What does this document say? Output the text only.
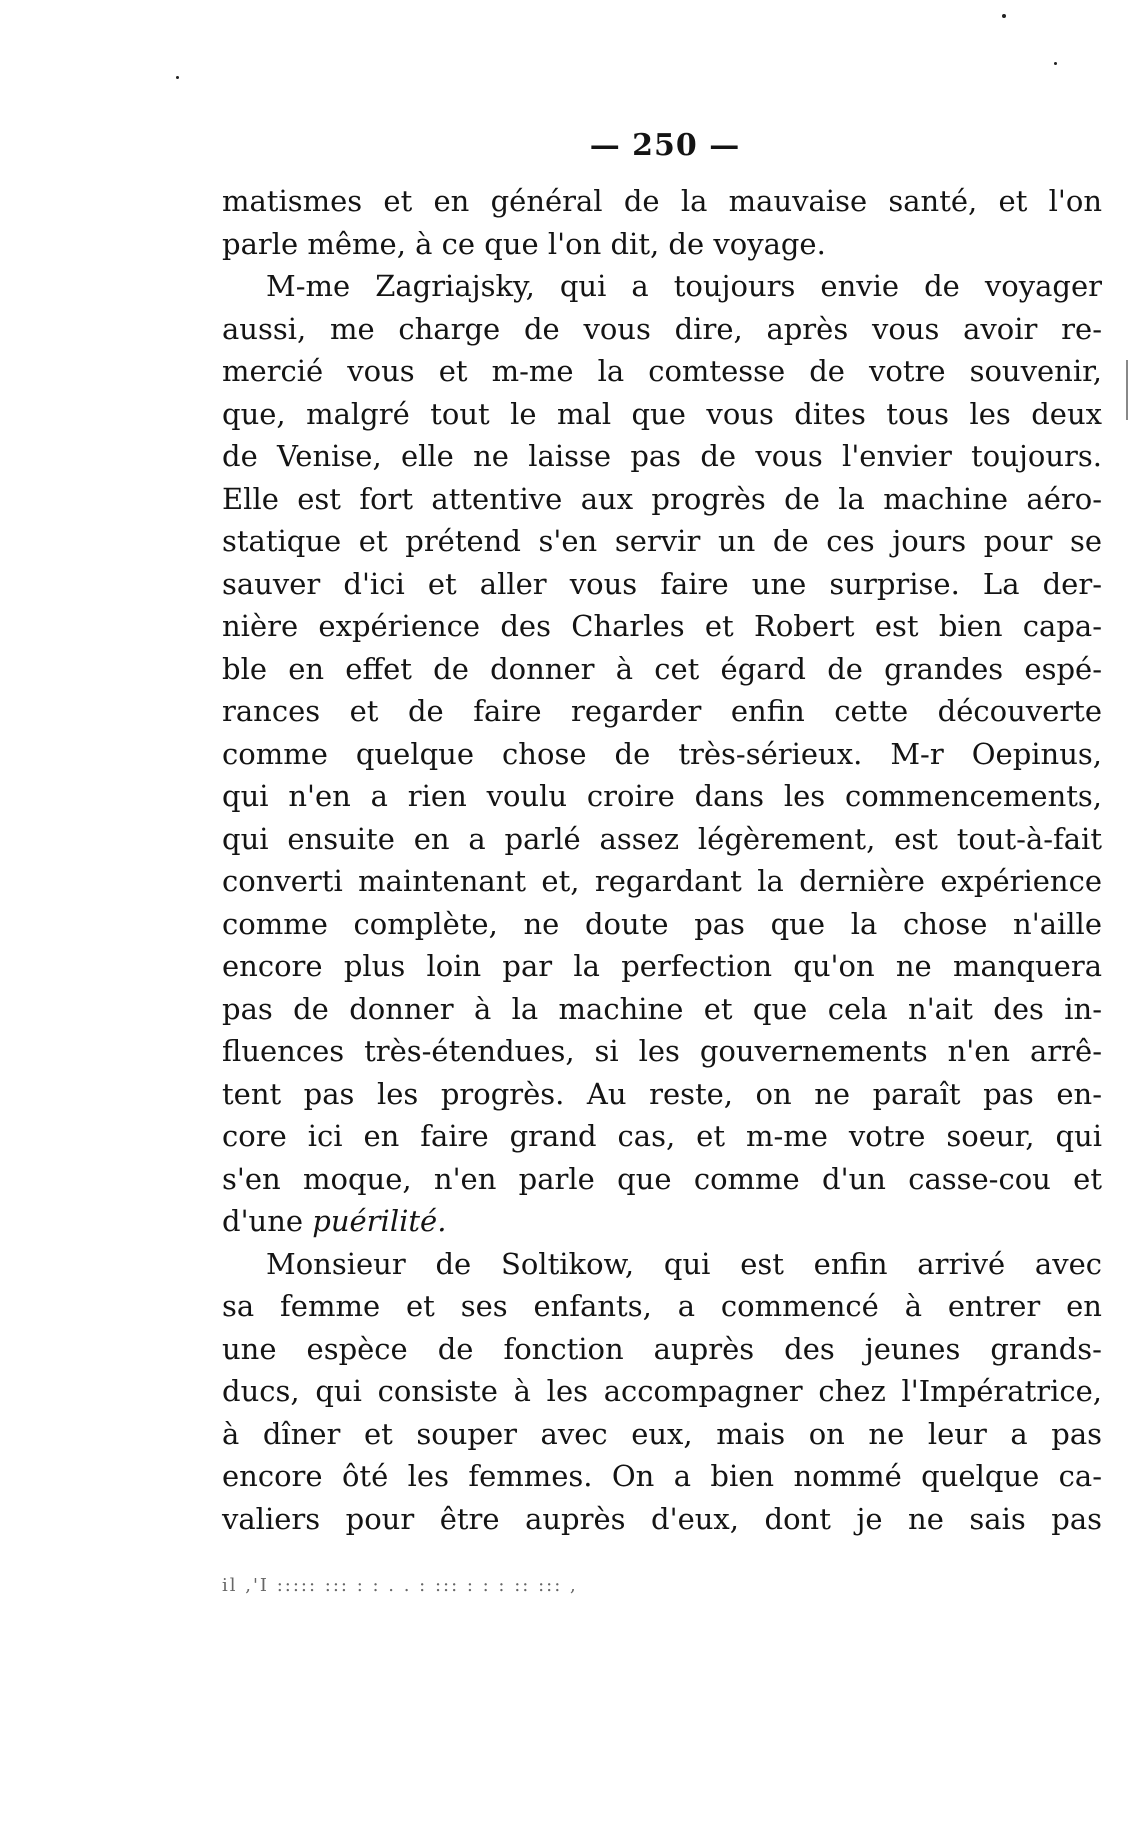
— 250 —
matismes et en général de la mauvaise santé, et l'on
parle même, à ce que l'on dit, de voyage.
M-me Zagriajsky, qui a toujours envie de voyager
aussi, me charge de vous dire, après vous avoir re-
mercié vous et m-me la comtesse de votre souvenir,
que, malgré tout le mal que vous dites tous les deux
de Venise, elle ne laisse pas de vous l'envier toujours.
Elle est fort attentive aux progrès de la machine aéro-
statique et prétend s'en servir un de ces jours pour se
sauver d'ici et aller vous faire une surprise. La der-
nière expérience des Charles et Robert est bien capa-
ble en effet de donner à cet égard de grandes espé-
rances et de faire regarder enfin cette découverte
comme quelque chose de très-sérieux. M-r Oepinus,
qui n'en a rien voulu croire dans les commencements,
qui ensuite en a parlé assez légèrement, est tout-à-fait
converti maintenant et, regardant la dernière expérience
comme complète, ne doute pas que la chose n'aille
encore plus loin par la perfection qu'on ne manquera
pas de donner à la machine et que cela n'ait des in-
fluences très-étendues, si les gouvernements n'en arrê-
tent pas les progrès. Au reste, on ne paraît pas en-
core ici en faire grand cas, et m-me votre soeur, qui
s'en moque, n'en parle que comme d'un casse-cou et
d'une puérilité.
Monsieur de Soltikow, qui est enfin arrivé avec
sa femme et ses enfants, a commencé à entrer en
une espèce de fonction auprès des jeunes grands-
ducs, qui consiste à les accompagner chez l'Impératrice,
à dîner et souper avec eux, mais on ne leur a pas
encore ôté les femmes. On a bien nommé quelque ca-
valiers pour être auprès d'eux, dont je ne sais pas
il ,'I ::::: ::: : : . . : ::: : : : :: ::: ,
